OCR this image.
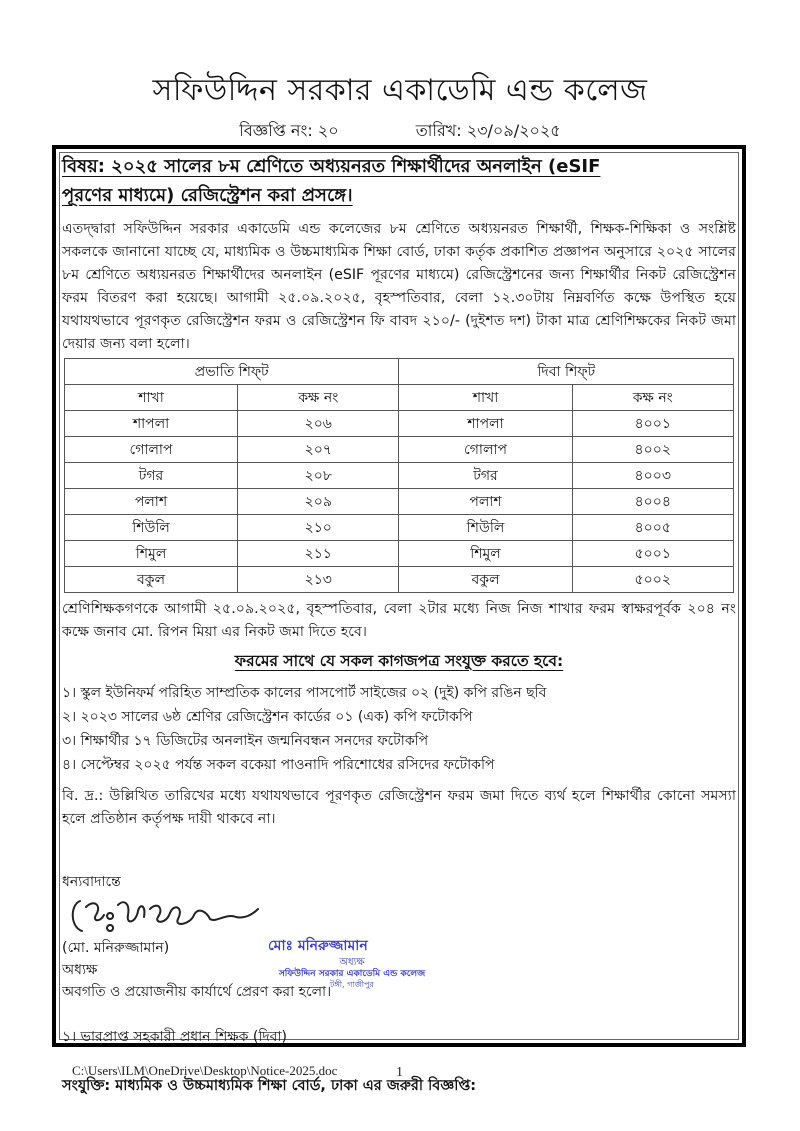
সফিউদ্দিন সরকার একাডেমি এন্ড কলেজ
বিজ্ঞপ্তি নং: ২০	তারিখ: ২৩/০৯/২০২৫

বিষয়: ২০২৫ সালের ৮ম শ্রেণিতে অধ্যয়নরত শিক্ষার্থীদের অনলাইন (eSIF
পূরণের মাধ্যমে) রেজিস্ট্রেশন করা প্রসঙ্গে।

এতদ্দ্বারা সফিউদ্দিন সরকার একাডেমি এন্ড কলেজের ৮ম শ্রেণিতে অধ্যয়নরত শিক্ষার্থী, শিক্ষক-শিক্ষিকা ও সংশ্লিষ্ট সকলকে জানানো যাচ্ছে যে, মাধ্যমিক ও উচ্চমাধ্যমিক শিক্ষা বোর্ড, ঢাকা কর্তৃক প্রকাশিত প্রজ্ঞাপন অনুসারে ২০২৫ সালের ৮ম শ্রেণিতে অধ্যয়নরত শিক্ষার্থীদের অনলাইন (eSIF পূরণের মাধ্যমে) রেজিস্ট্রেশনের জন্য শিক্ষার্থীর নিকট রেজিস্ট্রেশন ফরম বিতরণ করা হয়েছে। আগামী ২৫.০৯.২০২৫, বৃহস্পতিবার, বেলা ১২.৩০টায় নিম্নবর্ণিত কক্ষে উপস্থিত হয়ে যথাযথভাবে পূরণকৃত রেজিস্ট্রেশন ফরম ও রেজিস্ট্রেশন ফি বাবদ ২১০/- (দুইশত দশ) টাকা মাত্র শ্রেণিশিক্ষকের নিকট জমা দেয়ার জন্য বলা হলো।

প্রভাতি শিফ্‌ট		দিবা শিফ্‌ট	
শাখা	কক্ষ নং	শাখা	কক্ষ নং
শাপলা	২০৬	শাপলা	৪০০১
গোলাপ	২০৭	গোলাপ	৪০০২
টগর	২০৮	টগর	৪০০৩
পলাশ	২০৯	পলাশ	৪০০৪
শিউলি	২১০	শিউলি	৪০০৫
শিমুল	২১১	শিমুল	৫০০১
বকুল	২১৩	বকুল	৫০০২

শ্রেণিশিক্ষকগণকে আগামী ২৫.০৯.২০২৫, বৃহস্পতিবার, বেলা ২টার মধ্যে নিজ নিজ শাখার ফরম স্বাক্ষরপূর্বক ২০৪ নং কক্ষে জনাব মো. রিপন মিয়া এর নিকট জমা দিতে হবে।

ফরমের সাথে যে সকল কাগজপত্র সংযুক্ত করতে হবে:
১। স্কুল ইউনিফর্ম পরিহিত সাম্প্রতিক কালের পাসপোর্ট সাইজের ০২ (দুই) কপি রঙিন ছবি
২। ২০২৩ সালের ৬ষ্ঠ শ্রেণির রেজিস্ট্রেশন কার্ডের ০১ (এক) কপি ফটোকপি
৩। শিক্ষার্থীর ১৭ ডিজিটের অনলাইন জন্মনিবন্ধন সনদের ফটোকপি
৪। সেপ্টেম্বর ২০২৫ পর্যন্ত সকল বকেয়া পাওনাদি পরিশোধের রসিদের ফটোকপি

বি. দ্র.: উল্লিখিত তারিখের মধ্যে যথাযথভাবে পূরণকৃত রেজিস্ট্রেশন ফরম জমা দিতে ব্যর্থ হলে শিক্ষার্থীর কোনো সমস্যা হলে প্রতিষ্ঠান কর্তৃপক্ষ দায়ী থাকবে না।

ধন্যবাদান্তে
(মো. মনিরুজ্জামান)
অধ্যক্ষ
মোঃ মনিরুজ্জামান
অধ্যক্ষ
সফিউদ্দিন সরকার একাডেমি এন্ড কলেজ
টঙ্গী, গাজীপুর
অবগতি ও প্রয়োজনীয় কার্যার্থে প্রেরণ করা হলো।
১। ভারপ্রাপ্ত সহকারী প্রধান শিক্ষক (দিবা)
সংযুক্তি: মাধ্যমিক ও উচ্চমাধ্যমিক শিক্ষা বোর্ড, ঢাকা এর জরুরী বিজ্ঞপ্তি:
C:\Users\ILM\OneDrive\Desktop\Notice-2025.doc	1
